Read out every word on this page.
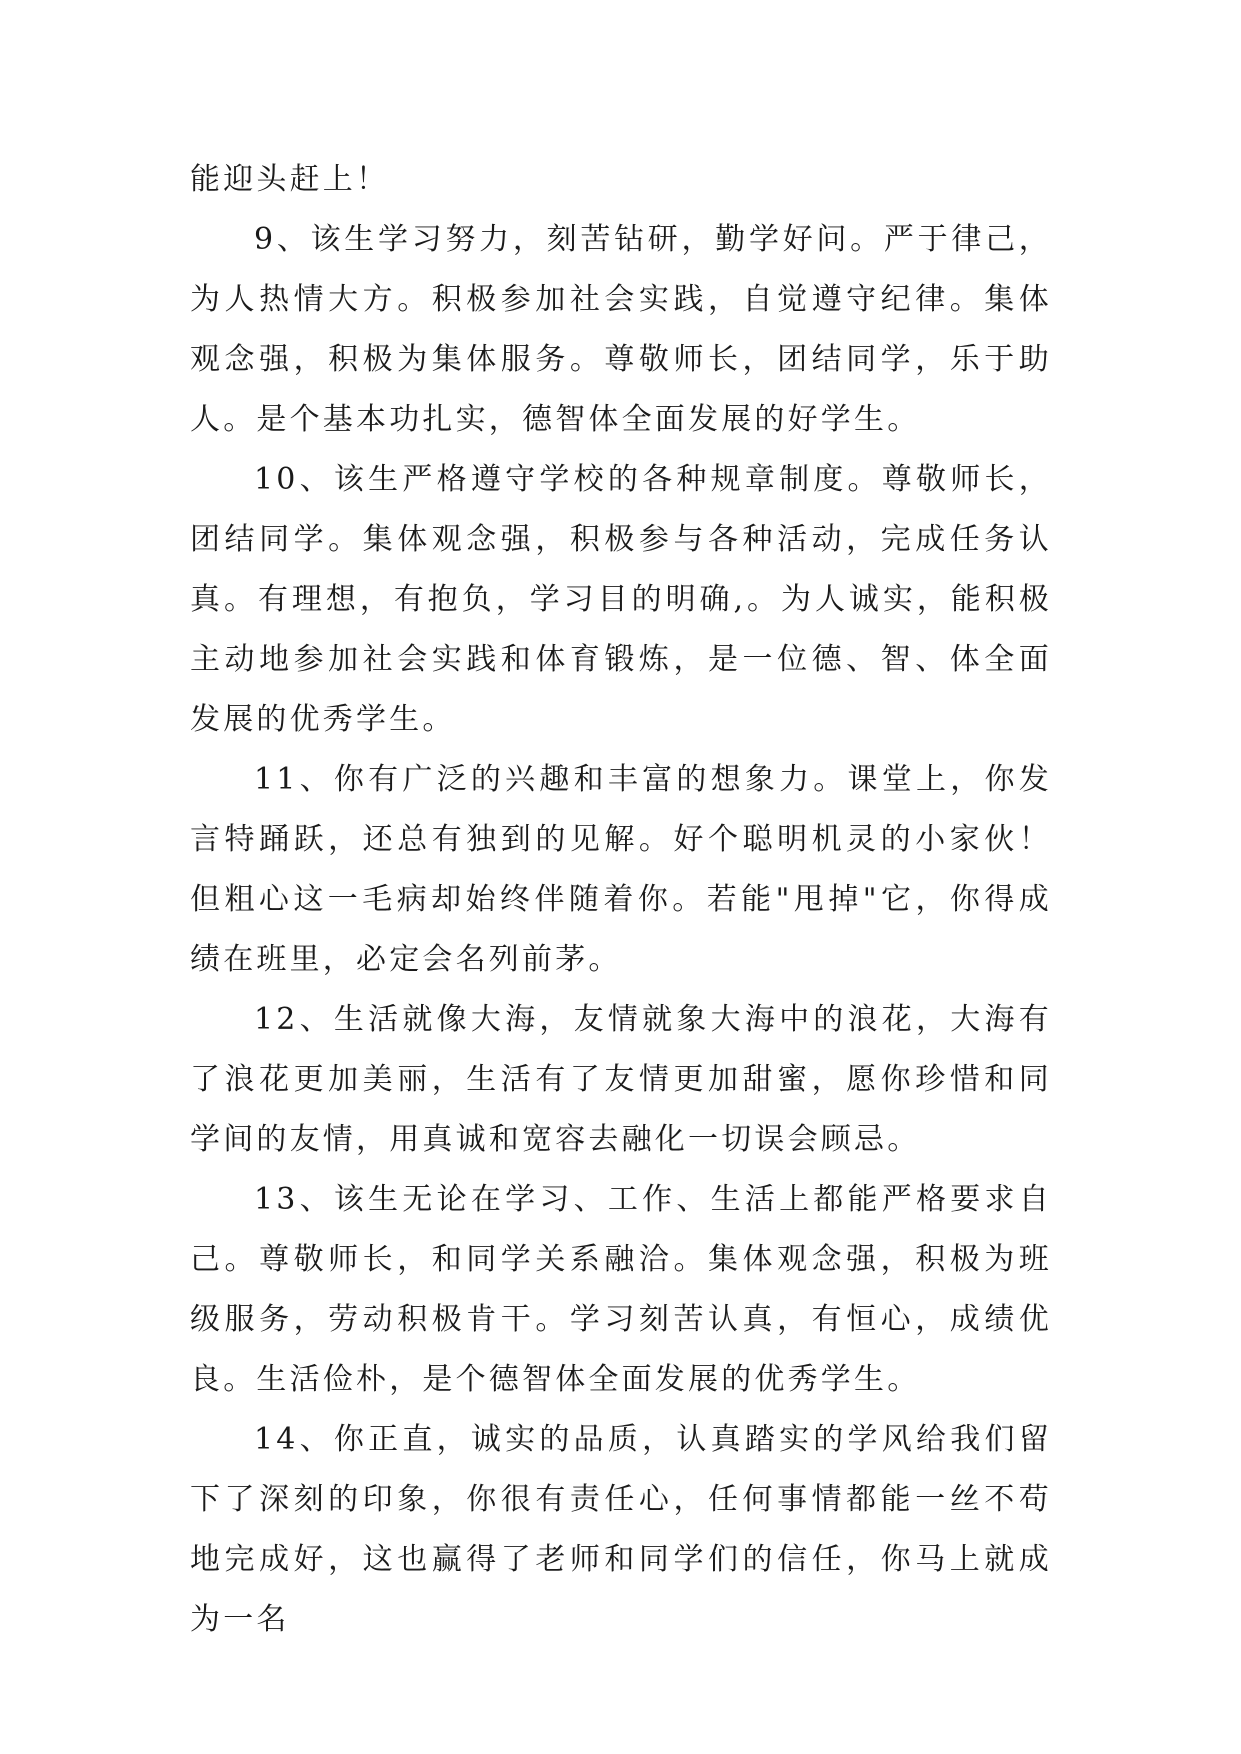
能迎头赶上！

9、该生学习努力，刻苦钻研，勤学好问。严于律己，为人热情大方。积极参加社会实践，自觉遵守纪律。集体观念强，积极为集体服务。尊敬师长，团结同学，乐于助人。是个基本功扎实，德智体全面发展的好学生。

10、该生严格遵守学校的各种规章制度。尊敬师长，团结同学。集体观念强，积极参与各种活动，完成任务认真。有理想，有抱负，学习目的明确,。为人诚实，能积极主动地参加社会实践和体育锻炼，是一位德、智、体全面发展的优秀学生。

11、你有广泛的兴趣和丰富的想象力。课堂上，你发言特踊跃，还总有独到的见解。好个聪明机灵的小家伙！但粗心这一毛病却始终伴随着你。若能"甩掉"它，你得成绩在班里，必定会名列前茅。

12、生活就像大海，友情就象大海中的浪花，大海有了浪花更加美丽，生活有了友情更加甜蜜，愿你珍惜和同学间的友情，用真诚和宽容去融化一切误会顾忌。

13、该生无论在学习、工作、生活上都能严格要求自己。尊敬师长，和同学关系融洽。集体观念强，积极为班级服务，劳动积极肯干。学习刻苦认真，有恒心，成绩优良。生活俭朴，是个德智体全面发展的优秀学生。

14、你正直，诚实的品质，认真踏实的学风给我们留下了深刻的印象，你很有责任心，任何事情都能一丝不苟地完成好，这也赢得了老师和同学们的信任，你马上就成为一名
